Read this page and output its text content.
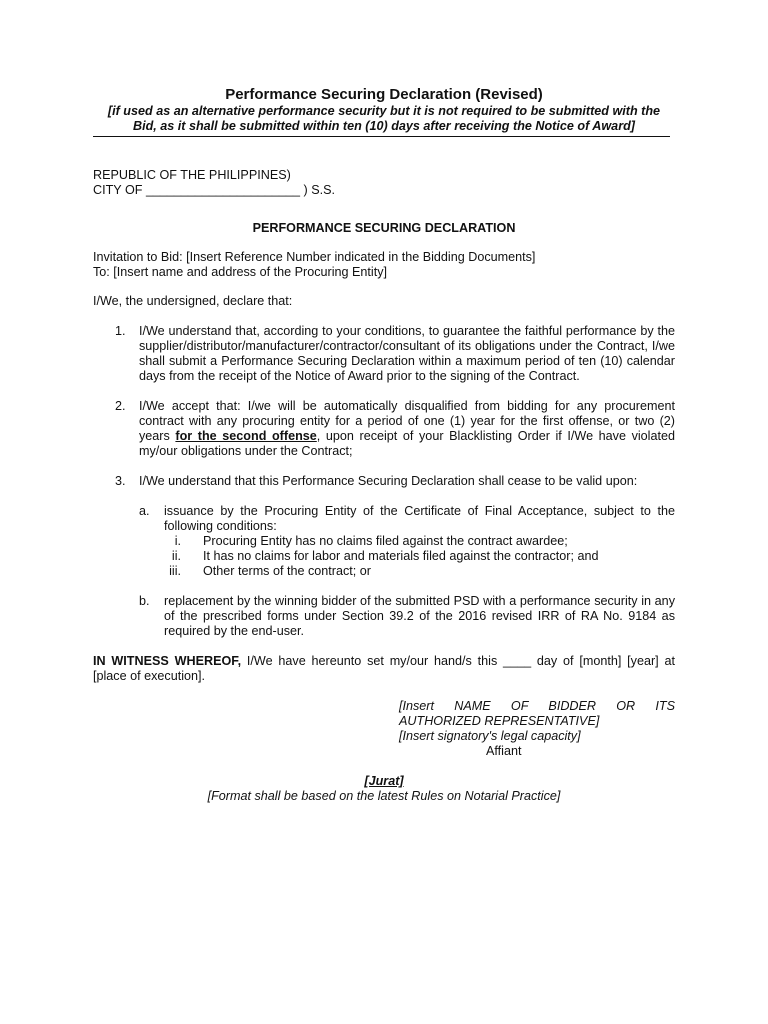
Performance Securing Declaration (Revised)
[if used as an alternative performance security but it is not required to be submitted with the
Bid, as it shall be submitted within ten (10) days after receiving the Notice of Award]
REPUBLIC OF THE PHILIPPINES)
CITY OF ______________________ ) S.S.
PERFORMANCE SECURING DECLARATION
Invitation to Bid: [Insert Reference Number indicated in the Bidding Documents]
To: [Insert name and address of the Procuring Entity]
I/We, the undersigned, declare that:
1. I/We understand that, according to your conditions, to guarantee the faithful performance by the supplier/distributor/manufacturer/contractor/consultant of its obligations under the Contract, I/we shall submit a Performance Securing Declaration within a maximum period of ten (10) calendar days from the receipt of the Notice of Award prior to the signing of the Contract.
2. I/We accept that: I/we will be automatically disqualified from bidding for any procurement contract with any procuring entity for a period of one (1) year for the first offense, or two (2) years for the second offense, upon receipt of your Blacklisting Order if I/We have violated my/our obligations under the Contract;
3. I/We understand that this Performance Securing Declaration shall cease to be valid upon:
a. issuance by the Procuring Entity of the Certificate of Final Acceptance, subject to the following conditions:
i. Procuring Entity has no claims filed against the contract awardee;
ii. It has no claims for labor and materials filed against the contractor; and
iii. Other terms of the contract; or
b. replacement by the winning bidder of the submitted PSD with a performance security in any of the prescribed forms under Section 39.2 of the 2016 revised IRR of RA No. 9184 as required by the end-user.
IN WITNESS WHEREOF, I/We have hereunto set my/our hand/s this ____ day of [month] [year] at [place of execution].
[Insert NAME OF BIDDER OR ITS AUTHORIZED REPRESENTATIVE]
[Insert signatory's legal capacity]
Affiant
[Jurat]
[Format shall be based on the latest Rules on Notarial Practice]
